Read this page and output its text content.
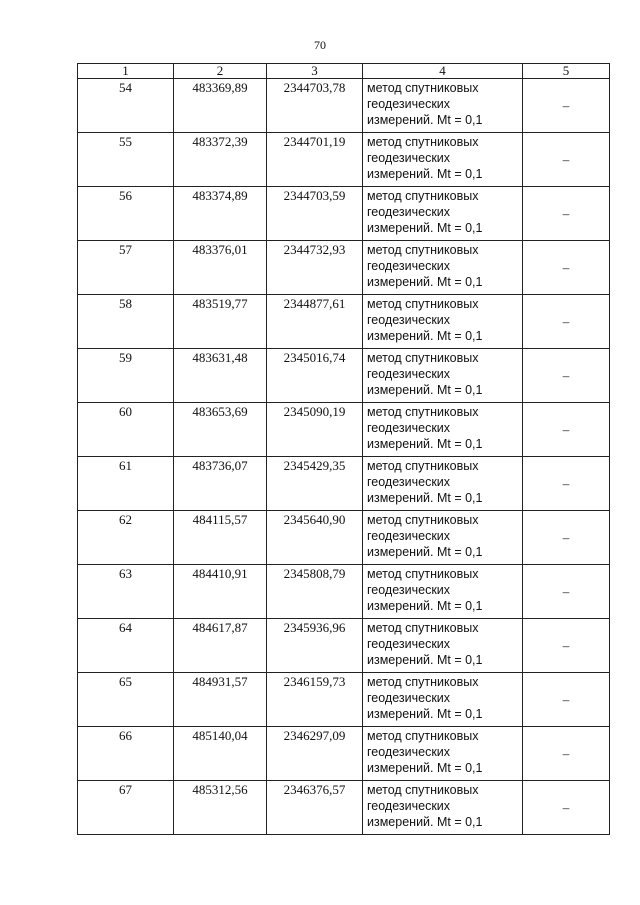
70
1	2	3	4	5
54	483369,89	2344703,78	метод спутниковых
геодезических
измерений. Mt = 0,1	–
55	483372,39	2344701,19	метод спутниковых
геодезических
измерений. Mt = 0,1	–
56	483374,89	2344703,59	метод спутниковых
геодезических
измерений. Mt = 0,1	–
57	483376,01	2344732,93	метод спутниковых
геодезических
измерений. Mt = 0,1	–
58	483519,77	2344877,61	метод спутниковых
геодезических
измерений. Mt = 0,1	–
59	483631,48	2345016,74	метод спутниковых
геодезических
измерений. Mt = 0,1	–
60	483653,69	2345090,19	метод спутниковых
геодезических
измерений. Mt = 0,1	–
61	483736,07	2345429,35	метод спутниковых
геодезических
измерений. Mt = 0,1	–
62	484115,57	2345640,90	метод спутниковых
геодезических
измерений. Mt = 0,1	–
63	484410,91	2345808,79	метод спутниковых
геодезических
измерений. Mt = 0,1	–
64	484617,87	2345936,96	метод спутниковых
геодезических
измерений. Mt = 0,1	–
65	484931,57	2346159,73	метод спутниковых
геодезических
измерений. Mt = 0,1	–
66	485140,04	2346297,09	метод спутниковых
геодезических
измерений. Mt = 0,1	–
67	485312,56	2346376,57	метод спутниковых
геодезических
измерений. Mt = 0,1	–
